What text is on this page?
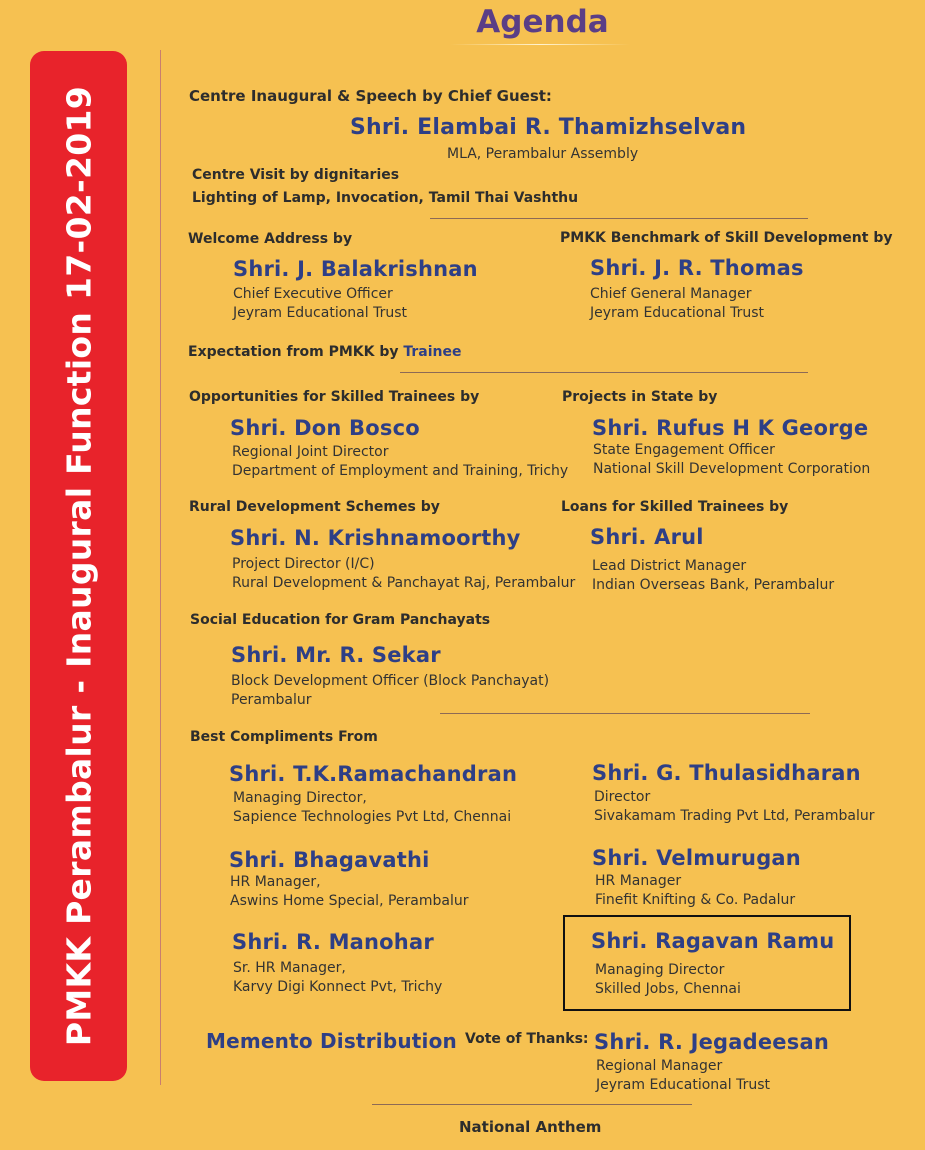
Agenda
PMKK Perambalur - Inaugural Function 17-02-2019	Centre Inaugural & Speech by Chief Guest:
Shri. Elambai R. Thamizhselvan
MLA, Perambalur Assembly
Centre Visit by dignitaries
Lighting of Lamp, Invocation, Tamil Thai Vashthu
Welcome Address by
Shri. J. Balakrishnan
Chief Executive Officer
Jeyram Educational Trust
PMKK Benchmark of Skill Development by
Shri. J. R. Thomas
Chief General Manager
Jeyram Educational Trust
Expectation from PMKK by Trainee
Opportunities for Skilled Trainees by
Shri. Don Bosco
Regional Joint Director
Department of Employment and Training, Trichy
Projects in State by
Shri. Rufus H K George
State Engagement Officer
National Skill Development Corporation
Rural Development Schemes by
Shri. N. Krishnamoorthy
Project Director (I/C)
Rural Development & Panchayat Raj, Perambalur
Loans for Skilled Trainees by
Shri. Arul
Lead District Manager
Indian Overseas Bank, Perambalur
Social Education for Gram Panchayats
Shri. Mr. R. Sekar
Block Development Officer (Block Panchayat)
Perambalur
Best Compliments From
Shri. T.K.Ramachandran
Managing Director,
Sapience Technologies Pvt Ltd, Chennai
Shri. G. Thulasidharan
Director
Sivakamam Trading Pvt Ltd, Perambalur
Shri. Bhagavathi
HR Manager,
Aswins Home Special, Perambalur
Shri. Velmurugan
HR Manager
Finefit Knifting & Co. Padalur
Shri. R. Manohar
Sr. HR Manager,
Karvy Digi Konnect Pvt, Trichy
Shri. Ragavan Ramu
Managing Director
Skilled Jobs, Chennai
Memento Distribution Vote of Thanks: Shri. R. Jegadeesan
Regional Manager
Jeyram Educational Trust
National Anthem
